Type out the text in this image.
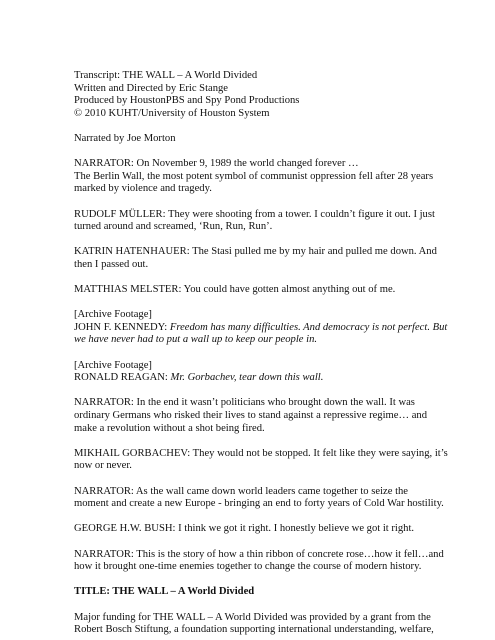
Transcript: THE WALL – A World Divided

Written and Directed by Eric Stange

Produced by HoustonPBS and Spy Pond Productions

© 2010 KUHT/University of Houston System

Narrated by Joe Morton

NARRATOR: On November 9, 1989 the world changed forever …

The Berlin Wall, the most potent symbol of communist oppression fell after 28 years

marked by violence and tragedy.

RUDOLF MÜLLER: They were shooting from a tower. I couldn’t figure it out. I just

turned around and screamed, ‘Run, Run, Run’.

KATRIN HATENHAUER: The Stasi pulled me by my hair and pulled me down. And

then I passed out.

MATTHIAS MELSTER: You could have gotten almost anything out of me.

[Archive Footage]

JOHN F. KENNEDY: Freedom has many difficulties. And democracy is not perfect. But

we have never had to put a wall up to keep our people in.

[Archive Footage]

RONALD REAGAN: Mr. Gorbachev, tear down this wall.

NARRATOR: In the end it wasn’t politicians who brought down the wall. It was

ordinary Germans who risked their lives to stand against a repressive regime… and

make a revolution without a shot being fired.

MIKHAIL GORBACHEV: They would not be stopped. It felt like they were saying, it’s

now or never.

NARRATOR: As the wall came down world leaders came together to seize the

moment and create a new Europe - bringing an end to forty years of Cold War hostility.

GEORGE H.W. BUSH: I think we got it right. I honestly believe we got it right.

NARRATOR: This is the story of how a thin ribbon of concrete rose…how it fell…and

how it brought one-time enemies together to change the course of modern history.

TITLE: THE WALL – A World Divided

Major funding for THE WALL – A World Divided was provided by a grant from the

Robert Bosch Stiftung, a foundation supporting international understanding, welfare,
